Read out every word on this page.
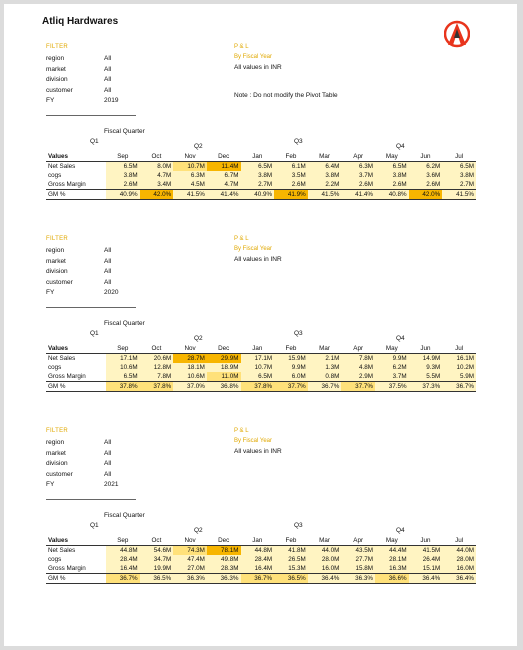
Atliq Hardwares
FILTER
region	All
market	All
division	All
customer	All
FY	2019
P & L
By Fiscal Year
All values in INR
Note : Do not modify the Pivot Table
Fiscal Quarter
Q1
Q2
Q3
Q4
Values	Sep	Oct	Nov	Dec	Jan	Feb	Mar	Apr	May	Jun	Jul
Net Sales	6.5M	8.0M	10.7M	11.4M	6.5M	6.1M	6.4M	6.3M	6.5M	6.2M	6.5M
cogs	3.8M	4.7M	6.3M	6.7M	3.8M	3.5M	3.8M	3.7M	3.8M	3.6M	3.8M
Gross Margin	2.6M	3.4M	4.5M	4.7M	2.7M	2.6M	2.2M	2.6M	2.6M	2.6M	2.7M
GM %	40.9%	42.0%	41.5%	41.4%	40.9%	41.9%	41.5%	41.4%	40.8%	42.0%	41.5%
FILTER
region	All
market	All
division	All
customer	All
FY	2020
P & L
By Fiscal Year
All values in INR
Fiscal Quarter
Q1
Q2
Q3
Q4
Values	Sep	Oct	Nov	Dec	Jan	Feb	Mar	Apr	May	Jun	Jul
Net Sales	17.1M	20.6M	28.7M	29.9M	17.1M	15.9M	2.1M	7.8M	9.9M	14.9M	16.1M
cogs	10.6M	12.8M	18.1M	18.9M	10.7M	9.9M	1.3M	4.8M	6.2M	9.3M	10.2M
Gross Margin	6.5M	7.8M	10.6M	11.0M	6.5M	6.0M	0.8M	2.9M	3.7M	5.5M	5.9M
GM %	37.8%	37.8%	37.0%	36.8%	37.8%	37.7%	36.7%	37.7%	37.5%	37.3%	36.7%
FILTER
region	All
market	All
division	All
customer	All
FY	2021
P & L
By Fiscal Year
All values in INR
Fiscal Quarter
Q1
Q2
Q3
Q4
Values	Sep	Oct	Nov	Dec	Jan	Feb	Mar	Apr	May	Jun	Jul
Net Sales	44.8M	54.6M	74.3M	78.1M	44.8M	41.8M	44.0M	43.5M	44.4M	41.5M	44.0M
cogs	28.4M	34.7M	47.4M	49.8M	28.4M	26.5M	28.0M	27.7M	28.1M	26.4M	28.0M
Gross Margin	16.4M	19.9M	27.0M	28.3M	16.4M	15.3M	16.0M	15.8M	16.3M	15.1M	16.0M
GM %	36.7%	36.5%	36.3%	36.3%	36.7%	36.5%	36.4%	36.3%	36.6%	36.4%	36.4%
